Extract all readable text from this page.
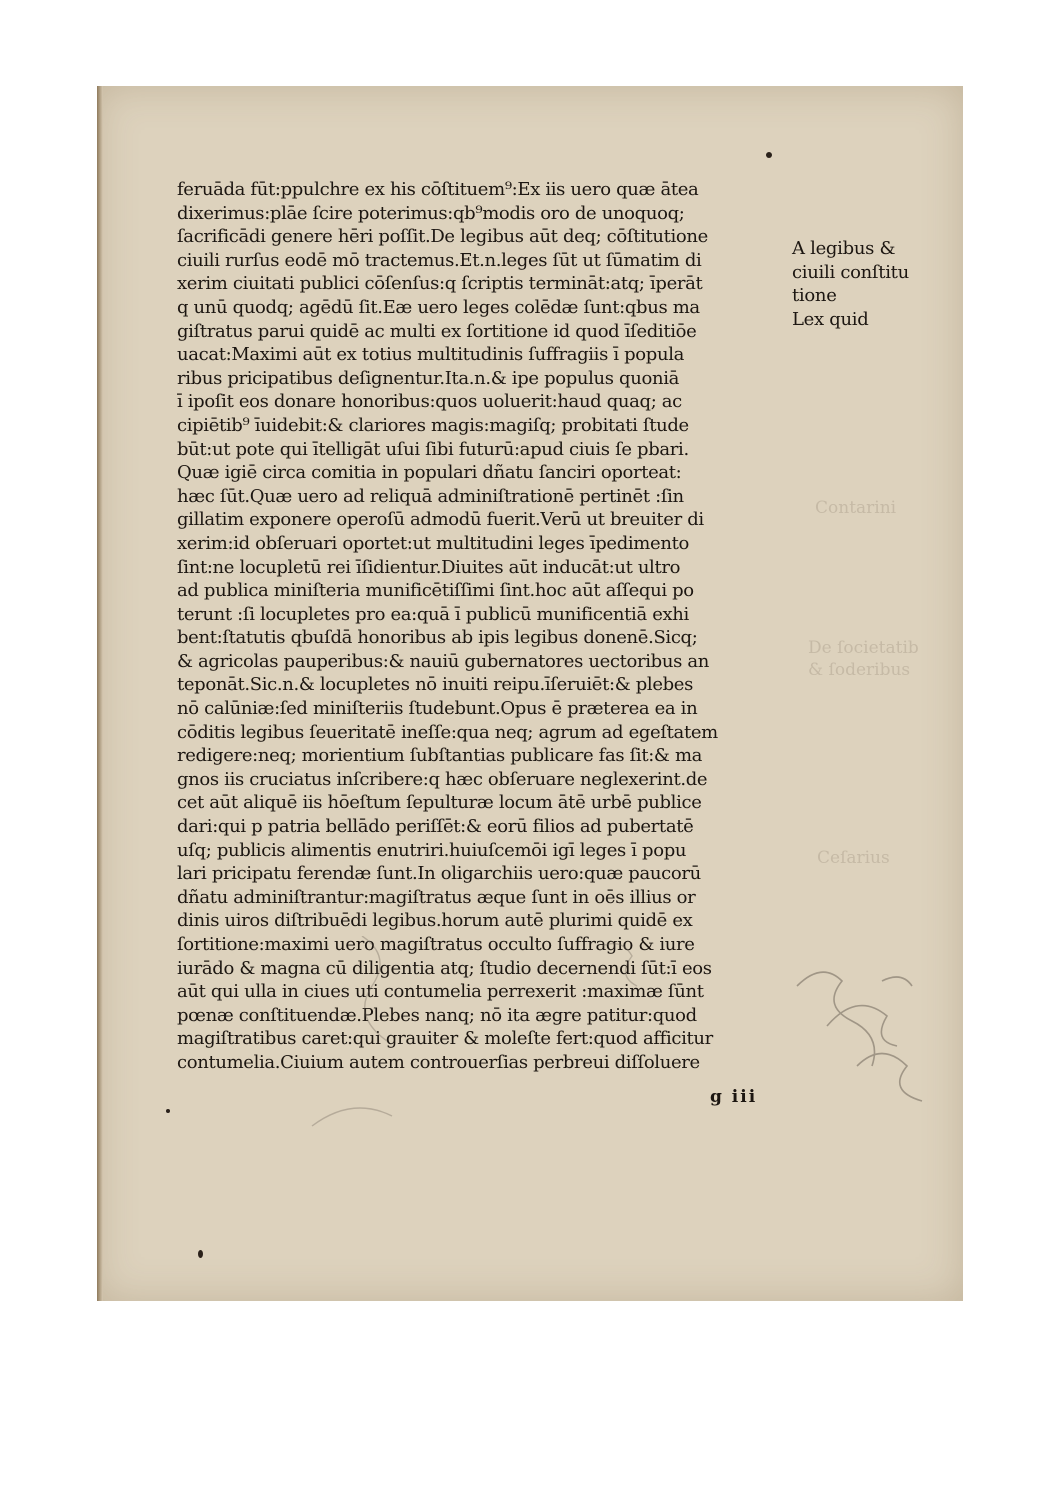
feruāda fūt:ppulchre ex his cōſtituem⁹:Ex iis uero quæ ātea
dixerimus:plāe ſcire poterimus:qb⁹modis oro de unoquoq;
ſacrificādi genere hēri poſſit.De legibus aūt deq; cōſtitutione
ciuili rurſus eodē mō tractemus.Et.n.leges ſūt ut ſūmatim di
xerim ciuitati publici cōſenſus:q ſcriptis termināt:atq; īperāt
q unū quodq; agēdū ſit.Eæ uero leges colēdæ ſunt:qbus ma
giſtratus parui quidē ac multi ex ſortitione id quod īſeditiōe
uacat:Maximi aūt ex totius multitudinis ſuffragiis ī popula
ribus pricipatibus deſignentur.Ita.n.& ipe populus quoniā
ī ipoſit eos donare honoribus:quos uoluerit:haud quaq; ac
cipiētib⁹ īuidebit:& clariores magis:magiſq; probitati ſtude
būt:ut pote qui ītelligāt uſui ſibi futurū:apud ciuis ſe pbari.
Quæ igiē circa comitia in populari dñatu ſanciri oporteat:
hæc ſūt.Quæ uero ad reliquā adminiſtrationē pertinēt :ſin
gillatim exponere operoſū admodū fuerit.Verū ut breuiter di
xerim:id obſeruari oportet:ut multitudini leges īpedimento
ſint:ne locupletū rei īſidientur.Diuites aūt inducāt:ut ultro
ad publica miniſteria munificētiſſimi ſint.hoc aūt aſſequi po
terunt :ſi locupletes pro ea:quā ī publicū munificentiā exhi
bent:ſtatutis qbuſdā honoribus ab ipis legibus donenē.Sicq;
& agricolas pauperibus:& nauiū gubernatores uectoribus an
teponāt.Sic.n.& locupletes nō inuiti reipu.īſeruiēt:& plebes
nō calūniæ:ſed miniſteriis ſtudebunt.Opus ē præterea ea in
cōditis legibus ſeueritatē ineſſe:qua neq; agrum ad egeſtatem
redigere:neq; morientium ſubſtantias publicare fas ſit:& ma
gnos iis cruciatus inſcribere:q hæc obſeruare neglexerint.de
cet aūt aliquē iis hōeſtum ſepulturæ locum ātē urbē publice
dari:qui p patria bellādo periſſēt:& eorū filios ad pubertatē
uſq; publicis alimentis enutriri.huiuſcemōi igī leges ī popu
lari pricipatu ferendæ ſunt.In oligarchiis uero:quæ paucorū
dñatu adminiſtrantur:magiſtratus æque ſunt in oēs illius or
dinis uiros diſtribuēdi legibus.horum autē plurimi quidē ex
ſortitione:maximi uero magiſtratus occulto ſuffragio & iure
iurādo & magna cū diligentia atq; ſtudio decernendi ſūt:ī eos
aūt qui ulla in ciues uti contumelia perrexerit :maximæ ſūnt
pœnæ conſtituendæ.Plebes nanq; nō ita ægre patitur:quod
magiſtratibus caret:qui grauiter & moleſte fert:quod afficitur
contumelia.Ciuium autem controuerſias perbreui diſſoluere
A legibus &
ciuili conſtitu
tione
Lex quid
Contarini
De ſocietatib
& ſoderibus
Ceſarius
g iii
